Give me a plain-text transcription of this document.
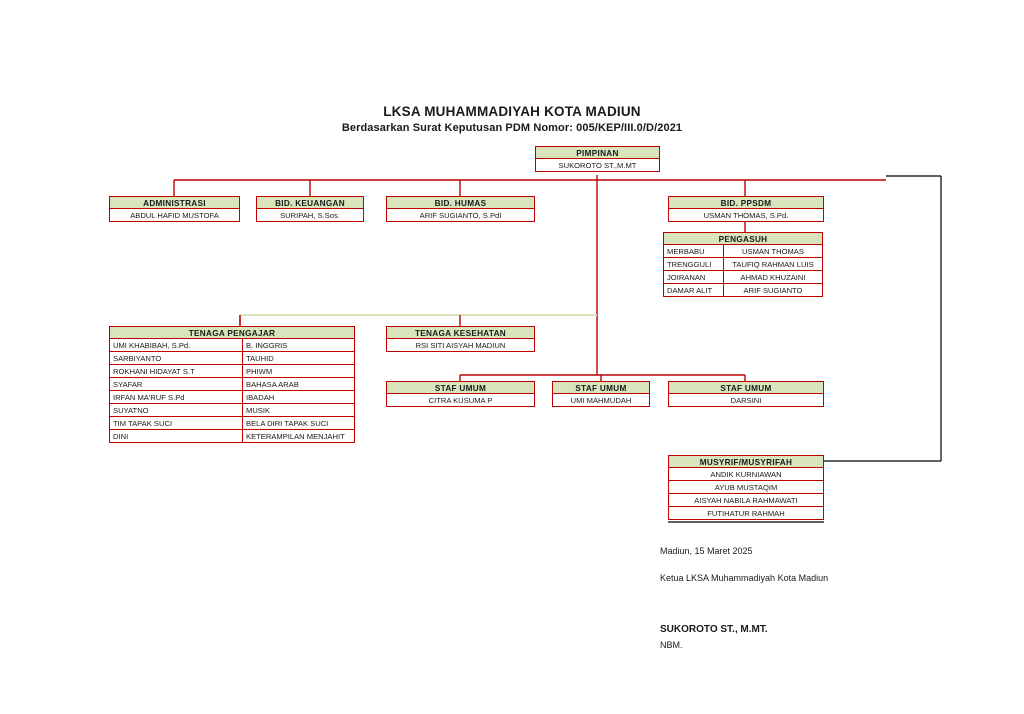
LKSA MUHAMMADIYAH KOTA MADIUN
Berdasarkan Surat Keputusan PDM Nomor: 005/KEP/III.0/D/2021
PIMPINAN
SUKOROTO ST.,M.MT
ADMINISTRASI
ABDUL HAFID MUSTOFA
BID. KEUANGAN
SURIPAH, S.Sos.
BID. HUMAS
ARIF SUGIANTO, S.PdI
BID. PPSDM
USMAN THOMAS, S.Pd.
PENGASUH
MERBABU	USMAN THOMAS
TRENGGULI	TAUFIQ RAHMAN LUIS
JOIRANAN	AHMAD KHUZAINI
DAMAR ALIT	ARIF SUGIANTO
TENAGA PENGAJAR
UMI KHABIBAH, S.Pd.	B. INGGRIS
SARBIYANTO	TAUHID
ROKHANI HIDAYAT S.T	PHIWM
SYAFAR	BAHASA ARAB
IRFAN MA'RUF S.Pd	IBADAH
SUYATNO	MUSIK
TIM TAPAK SUCI	BELA DIRI TAPAK SUCI
DINI	KETERAMPILAN MENJAHIT
TENAGA KESEHATAN
RSI SITI AISYAH MADIUN
STAF UMUM
CITRA KUSUMA P
STAF UMUM
UMI MAHMUDAH
STAF UMUM
DARSINI
MUSYRIF/MUSYRIFAH
ANDIK KURNIAWAN
AYUB MUSTAQIM
AISYAH NABILA RAHMAWATI
FUTIHATUR RAHMAH
Madiun, 15 Maret 2025
Ketua LKSA Muhammadiyah Kota Madiun
SUKOROTO ST., M.MT.
NBM.
